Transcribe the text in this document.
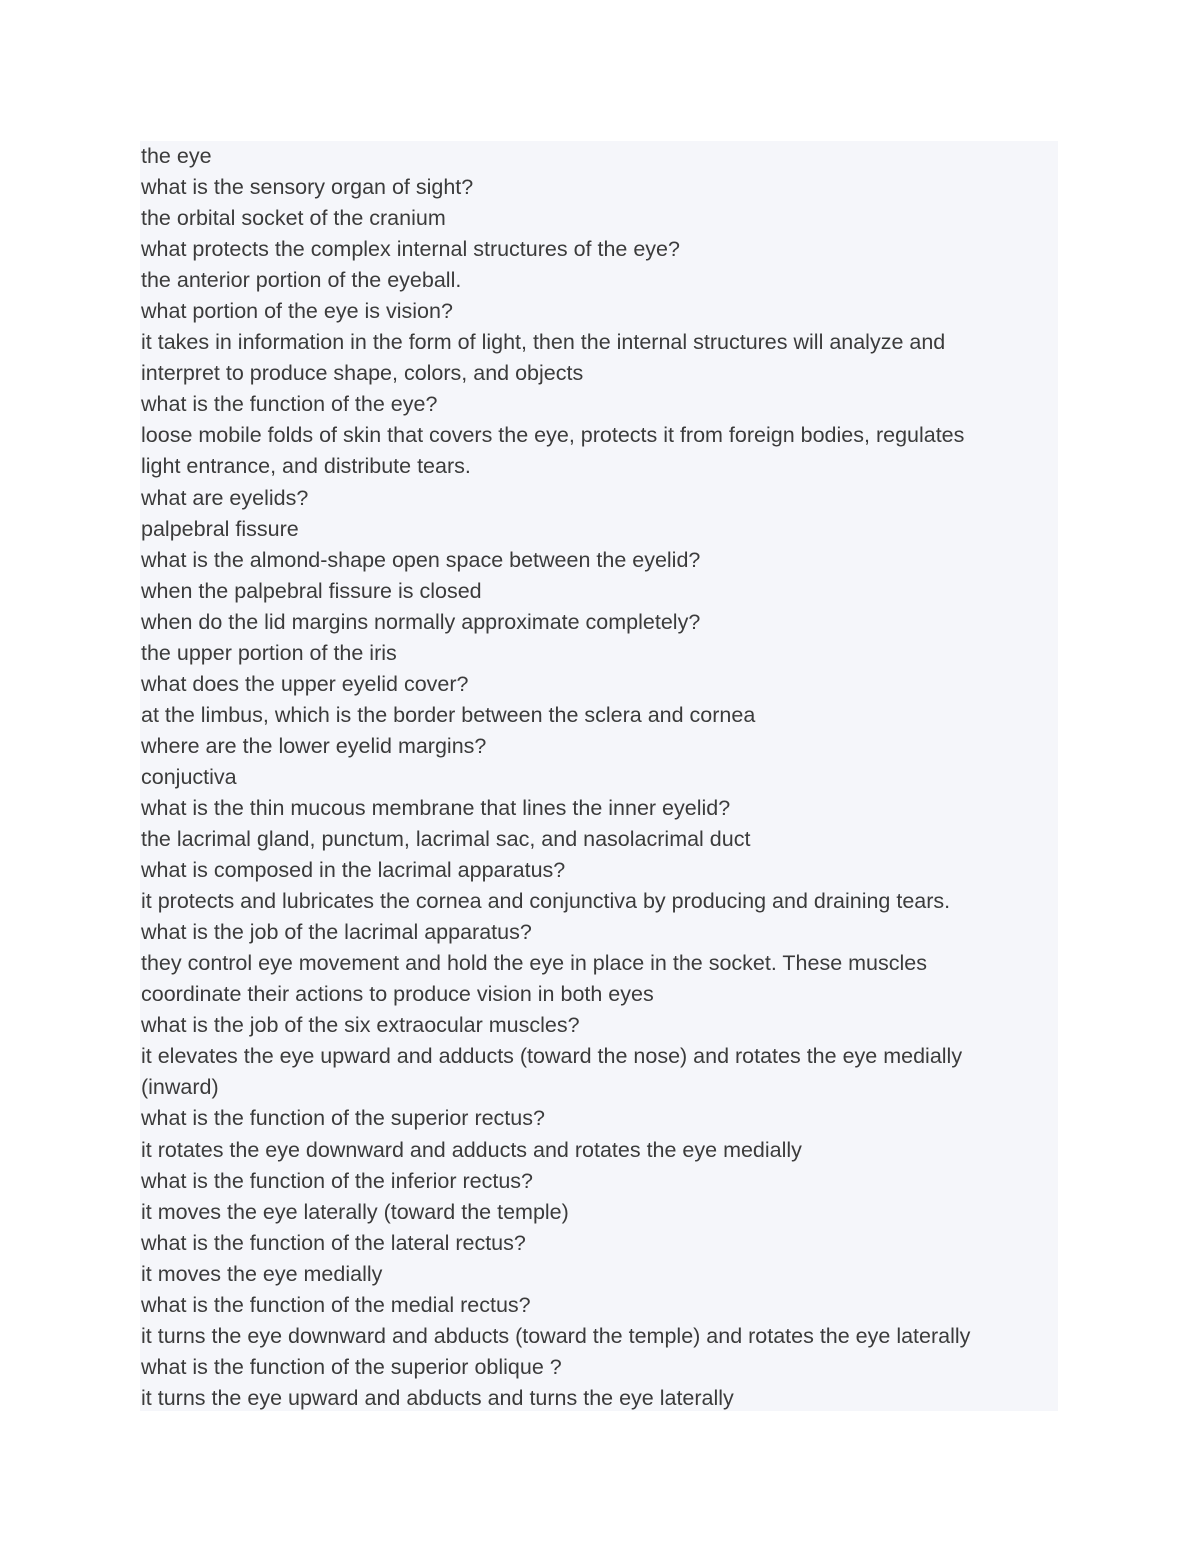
the eye

what is the sensory organ of sight?

the orbital socket of the cranium

what protects the complex internal structures of the eye?

the anterior portion of the eyeball.

what portion of the eye is vision?

it takes in information in the form of light, then the internal structures will analyze and

interpret to produce shape, colors, and objects

what is the function of the eye?

loose mobile folds of skin that covers the eye, protects it from foreign bodies, regulates

light entrance, and distribute tears.

what are eyelids?

palpebral fissure

what is the almond-shape open space between the eyelid?

when the palpebral fissure is closed

when do the lid margins normally approximate completely?

the upper portion of the iris

what does the upper eyelid cover?

at the limbus, which is the border between the sclera and cornea

where are the lower eyelid margins?

conjuctiva

what is the thin mucous membrane that lines the inner eyelid?

the lacrimal gland, punctum, lacrimal sac, and nasolacrimal duct

what is composed in the lacrimal apparatus?

it protects and lubricates the cornea and conjunctiva by producing and draining tears.

what is the job of the lacrimal apparatus?

they control eye movement and hold the eye in place in the socket. These muscles

coordinate their actions to produce vision in both eyes

what is the job of the six extraocular muscles?

it elevates the eye upward and adducts (toward the nose) and rotates the eye medially

(inward)

what is the function of the superior rectus?

it rotates the eye downward and adducts and rotates the eye medially

what is the function of the inferior rectus?

it moves the eye laterally (toward the temple)

what is the function of the lateral rectus?

it moves the eye medially

what is the function of the medial rectus?

it turns the eye downward and abducts (toward the temple) and rotates the eye laterally

what is the function of the superior oblique ?

it turns the eye upward and abducts and turns the eye laterally
